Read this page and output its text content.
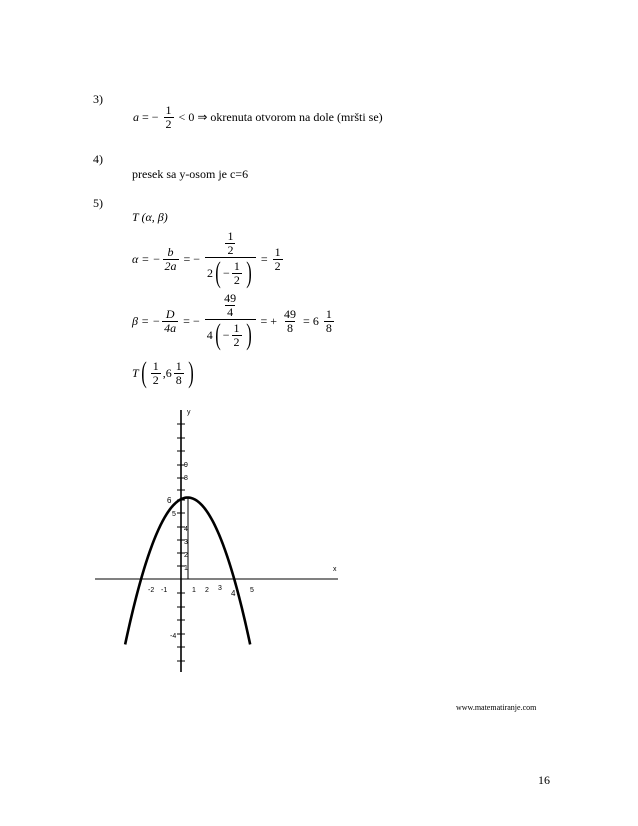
3)
a = − $\frac{1}{2} < 0$ ⇒ okrenuta otvorom na dole (mršti se)
4)
presek sa y-osom je c=6
5)
T (α, β)
α = − $\frac{b}{2a}$ = − $\frac{\frac{1}{2}}{2 ( - \frac{1}{2} )} = \frac{1}{2}$
β = − $\frac{D}{4a}$ = − $\frac{\frac{49}{4}}{4 ( - \frac{1}{2} )}$ = + $\frac{49}{8} = 6 \frac{1}{8}$
T ( $\frac{1}{2} ,6 \frac{1}{8}$ )
y
x
9
8
6
5
4
3
2
1
-4
-2 -1	1 2 3
4 5
www.matematiranje.com
16
